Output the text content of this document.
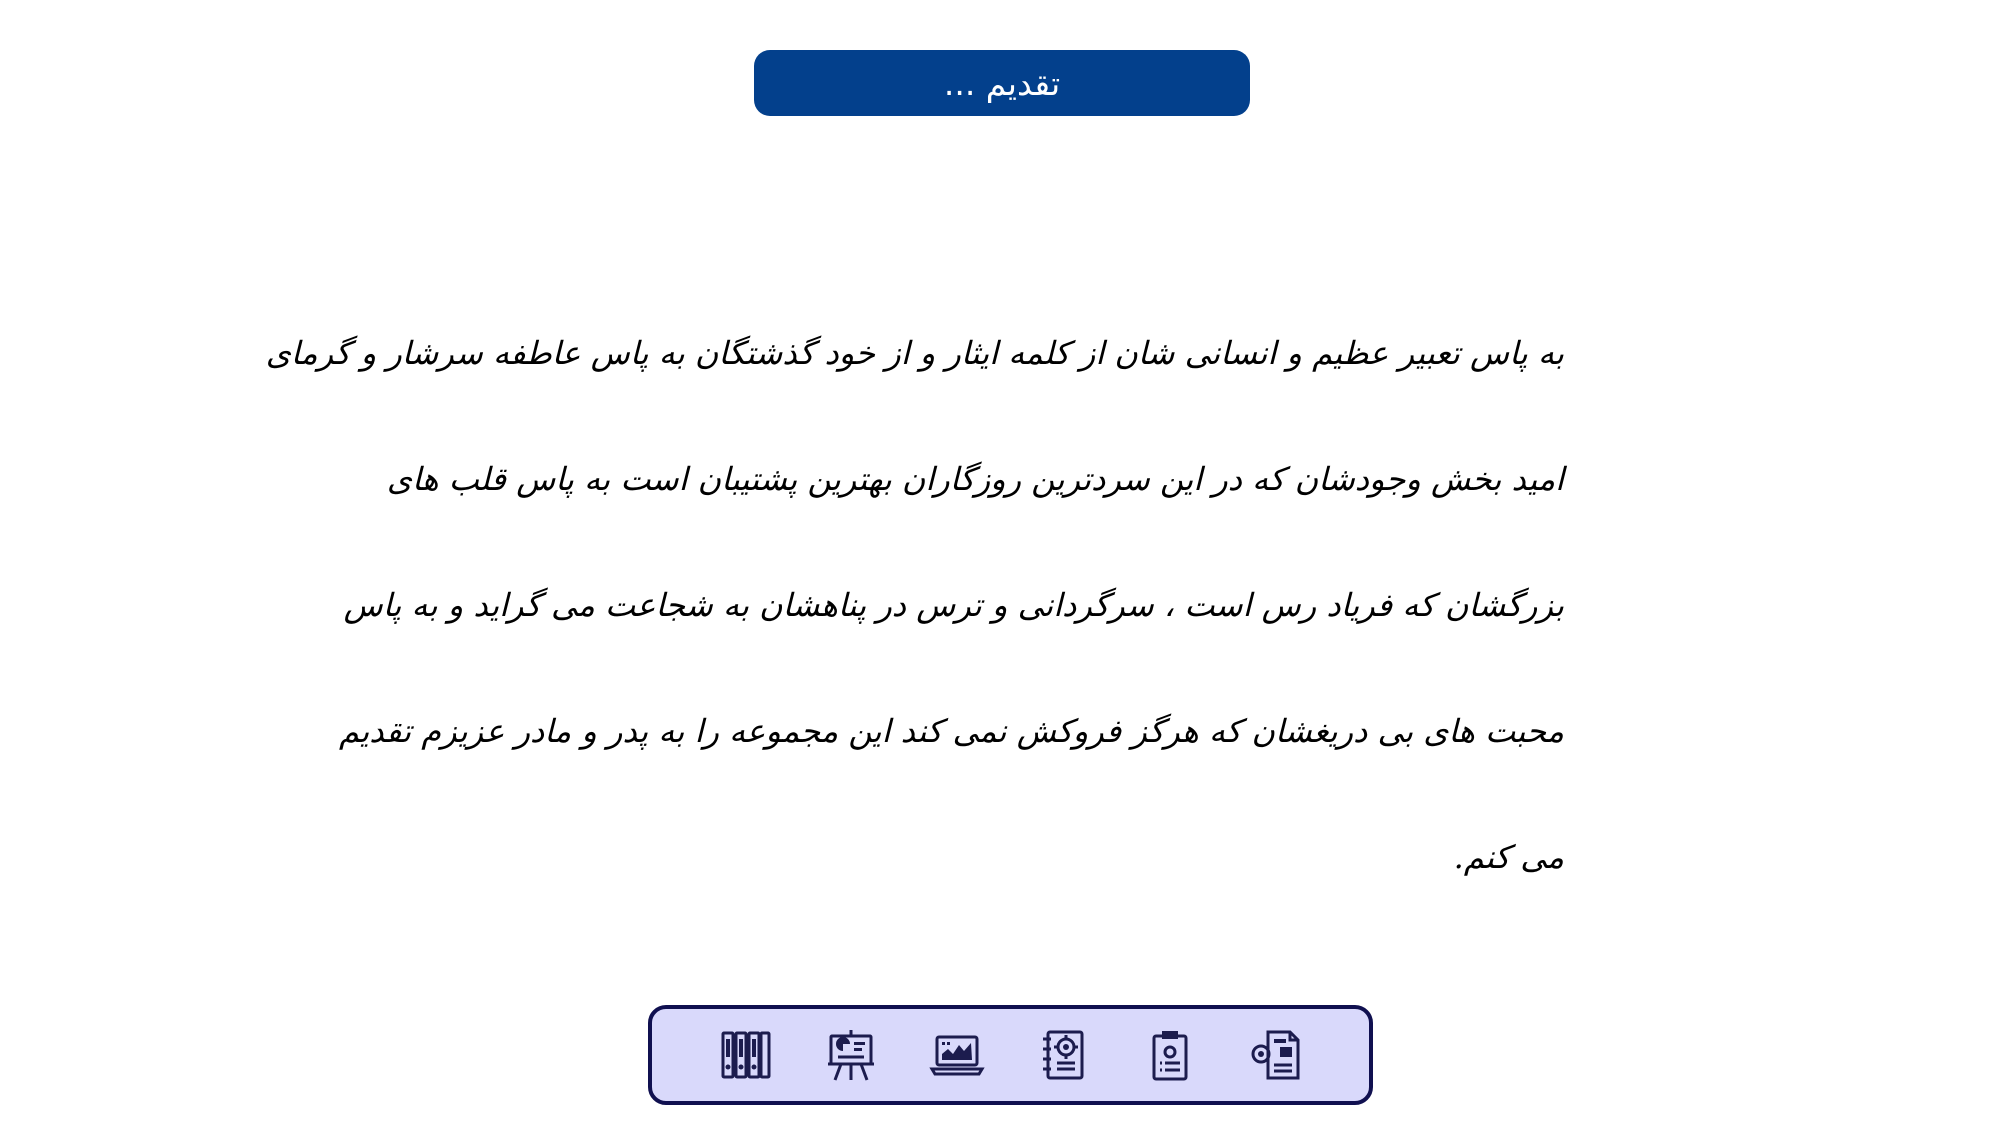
تقدیم ...
به پاس تعبیر عظیم و انسانی شان از کلمه ایثار و از خود گذشتگان به پاس عاطفه سرشار و گرمای
امید بخش وجودشان که در این سردترین روزگاران بهترین پشتیبان است به پاس قلب های
بزرگشان که فریاد رس است ، سرگردانی و ترس در پناهشان به شجاعت می گراید و به پاس
محبت های بی دریغشان که هرگز فروکش نمی کند این مجموعه را به پدر و مادر عزیزم تقدیم
می کنم.
